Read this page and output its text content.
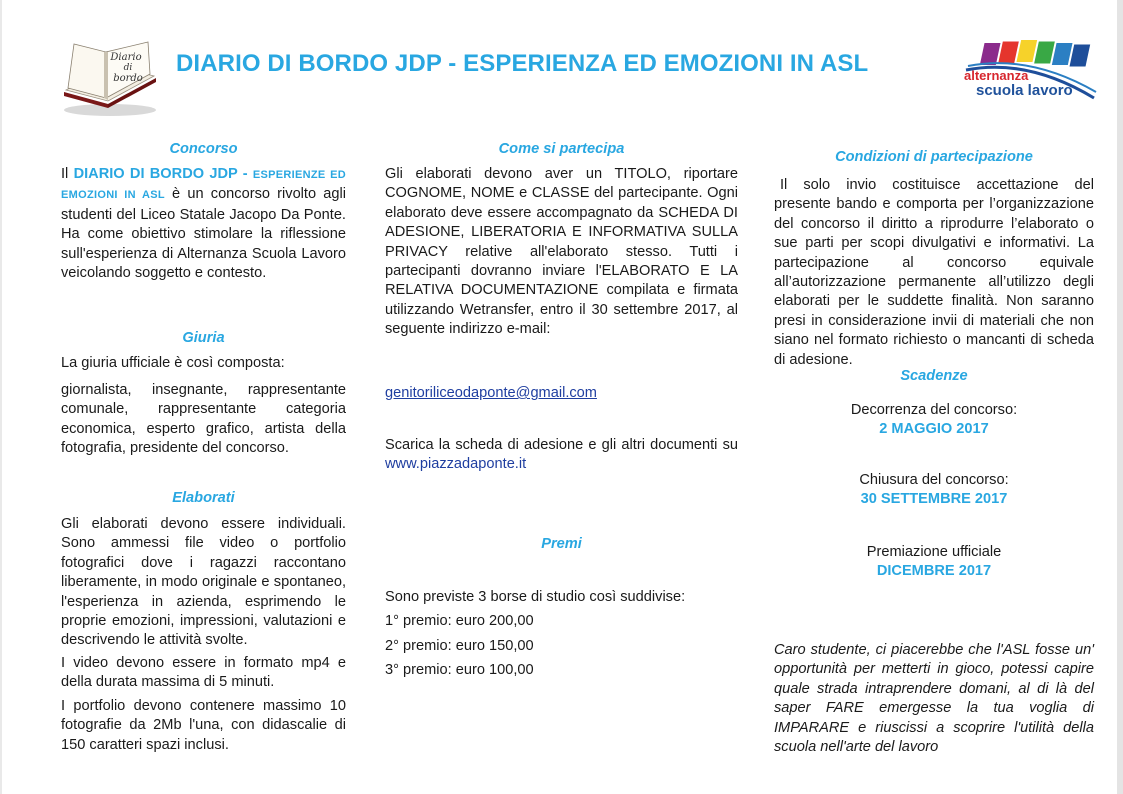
Diario
di
bordo
DIARIO DI BORDO JDP - ESPERIENZA ED EMOZIONI IN ASL	alternanza
scuola lavoro
Concorso

Il DIARIO DI BORDO JDP - ESPERIENZE ED EMOZIONI IN ASL è un concorso rivolto agli studenti del Liceo Statale Jacopo Da Ponte. Ha come obiettivo stimolare la riflessione sull'esperienza di Alternanza Scuola Lavoro veicolando soggetto e contesto.

Giuria

La giuria ufficiale è così composta:

giornalista, insegnante, rappresentante comunale, rappresentante categoria economica, esperto grafico, artista della fotografia, presidente del concorso.

Elaborati

Gli elaborati devono essere individuali. Sono ammessi file video o portfolio fotografici dove i ragazzi raccontano liberamente, in modo originale e spontaneo, l'esperienza in azienda, esprimendo le proprie emozioni, impressioni, valutazioni e descrivendo le attività svolte.

I video devono essere in formato mp4 e della durata massima di 5 minuti.

I portfolio devono contenere massimo 10 fotografie da 2Mb l'una, con didascalie di 150 caratteri spazi inclusi.

Come si partecipa

Gli elaborati devono aver un TITOLO, riportare COGNOME, NOME e CLASSE del partecipante. Ogni elaborato deve essere accompagnato da SCHEDA DI ADESIONE, LIBERATORIA E INFORMATIVA SULLA PRIVACY relative all'elaborato stesso. Tutti i partecipanti dovranno inviare l'ELABORATO E LA RELATIVA DOCUMENTAZIONE compilata e firmata utilizzando Wetransfer, entro il 30 settembre 2017, al seguente indirizzo e-mail:

genitoriliceodaponte@gmail.com

Scarica la scheda di adesione e gli altri documenti su www.piazzadaponte.it

Premi

Sono previste 3 borse di studio così suddivise:

1° premio: euro 200,00

2° premio: euro 150,00

3° premio: euro 100,00

Condizioni di partecipazione

Il solo invio costituisce accettazione del presente bando e comporta per l’organizzazione del concorso il diritto a riprodurre l’elaborato o sue parti per scopi divulgativi e informativi. La partecipazione al concorso equivale all’autorizzazione permanente all’utilizzo degli elaborati per le suddette finalità. Non saranno presi in considerazione invii di materiali che non siano nel formato richiesto o mancanti di scheda di adesione.

Scadenze

Decorrenza del concorso:

2 MAGGIO 2017

Chiusura del concorso:

30 SETTEMBRE 2017

Premiazione ufficiale

DICEMBRE 2017

Caro studente, ci piacerebbe che l'ASL fosse un' opportunità per metterti in gioco, potessi capire quale strada intraprendere domani, al di là del saper FARE emergesse la tua voglia di IMPARARE e riuscissi a scoprire l'utilità della scuola nell'arte del lavoro
